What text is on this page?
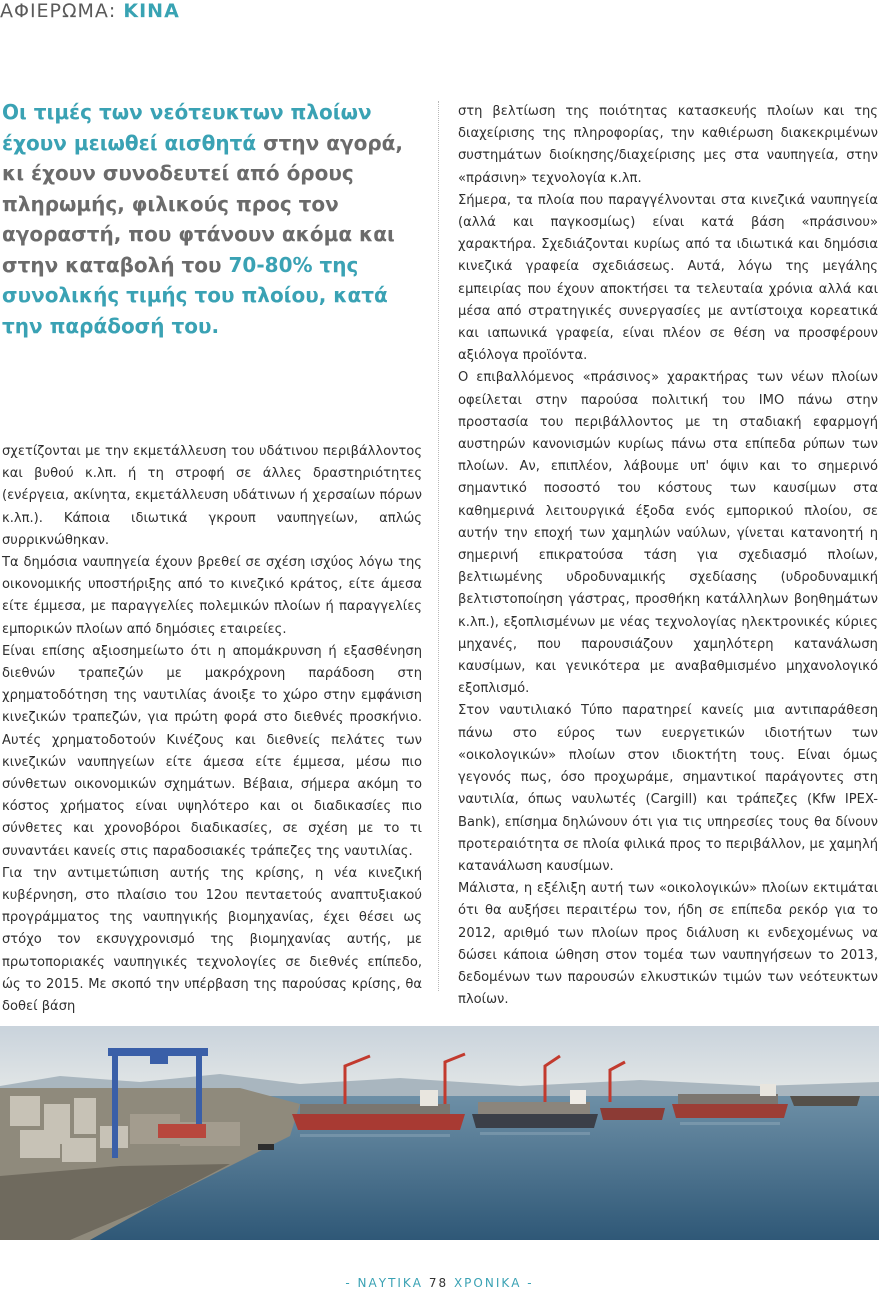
ΑΦΙΕΡΩΜΑ: ΚΙΝΑ
Οι τιμές των νεότευκτων πλοίων έχουν μειωθεί αισθητά στην αγορά, κι έχουν συνοδευτεί από όρους πληρωμής, φιλικούς προς τον αγοραστή, που φτάνουν ακόμα και στην καταβολή του 70-80% της συνολικής τιμής του πλοίου, κατά την παράδοσή του.

σχετίζονται με την εκμετάλλευση του υδάτινου περιβάλλοντος και βυθού κ.λπ. ή τη στροφή σε άλλες δραστηριότητες (ενέργεια, ακίνητα, εκμετάλλευση υδάτινων ή χερσαίων πόρων κ.λπ.). Κάποια ιδιωτικά γκρουπ ναυπηγείων, απλώς συρρικνώθηκαν.

Τα δημόσια ναυπηγεία έχουν βρεθεί σε σχέση ισχύος λόγω της οικονομικής υποστήριξης από το κινεζικό κράτος, είτε άμεσα είτε έμμεσα, με παραγγελίες πολεμικών πλοίων ή παραγγελίες εμπορικών πλοίων από δημόσιες εταιρείες.

Είναι επίσης αξιοσημείωτο ότι η απομάκρυνση ή εξασθένηση διεθνών τραπεζών με μακρόχρονη παράδοση στη χρηματοδότηση της ναυτιλίας άνοιξε το χώρο στην εμφάνιση κινεζικών τραπεζών, για πρώτη φορά στο διεθνές προσκήνιο. Αυτές χρηματοδοτούν Κινέζους και διεθνείς πελάτες των κινεζικών ναυπηγείων είτε άμεσα είτε έμμεσα, μέσω πιο σύνθετων οικονομικών σχημάτων. Βέβαια, σήμερα ακόμη το κόστος χρήματος είναι υψηλότερο και οι διαδικασίες πιο σύνθετες και χρονοβόροι διαδικασίες, σε σχέση με το τι συναντάει κανείς στις παραδοσιακές τράπεζες της ναυτιλίας.

Για την αντιμετώπιση αυτής της κρίσης, η νέα κινεζική κυβέρνηση, στο πλαίσιο του 12ου πενταετούς αναπτυξιακού προγράμματος της ναυπηγικής βιομηχανίας, έχει θέσει ως στόχο τον εκσυγχρονισμό της βιομηχανίας αυτής, με πρωτοποριακές ναυπηγικές τεχνολογίες σε διεθνές επίπεδο, ώς το 2015. Με σκοπό την υπέρβαση της παρούσας κρίσης, θα δοθεί βάση

στη βελτίωση της ποιότητας κατασκευής πλοίων και της διαχείρισης της πληροφορίας, την καθιέρωση διακεκριμένων συστημάτων διοίκησης/διαχείρισης μες στα ναυπηγεία, στην «πράσινη» τεχνολογία κ.λπ.

Σήμερα, τα πλοία που παραγγέλνονται στα κινεζικά ναυπηγεία (αλλά και παγκοσμίως) είναι κατά βάση «πράσινου» χαρακτήρα. Σχεδιάζονται κυρίως από τα ιδιωτικά και δημόσια κινεζικά γραφεία σχεδιάσεως. Αυτά, λόγω της μεγάλης εμπειρίας που έχουν αποκτήσει τα τελευταία χρόνια αλλά και μέσα από στρατηγικές συνεργασίες με αντίστοιχα κορεατικά και ιαπωνικά γραφεία, είναι πλέον σε θέση να προσφέρουν αξιόλογα προϊόντα.

Ο επιβαλλόμενος «πράσινος» χαρακτήρας των νέων πλοίων οφείλεται στην παρούσα πολιτική του IMO πάνω στην προστασία του περιβάλλοντος με τη σταδιακή εφαρμογή αυστηρών κανονισμών κυρίως πάνω στα επίπεδα ρύπων των πλοίων. Αν, επιπλέον, λάβουμε υπ' όψιν και το σημερινό σημαντικό ποσοστό του κόστους των καυσίμων στα καθημερινά λειτουργικά έξοδα ενός εμπορικού πλοίου, σε αυτήν την εποχή των χαμηλών ναύλων, γίνεται κατανοητή η σημερινή επικρατούσα τάση για σχεδιασμό πλοίων, βελτιωμένης υδροδυναμικής σχεδίασης (υδροδυναμική βελτιστοποίηση γάστρας, προσθήκη κατάλληλων βοηθημάτων κ.λπ.), εξοπλισμένων με νέας τεχνολογίας ηλεκτρονικές κύριες μηχανές, που παρουσιάζουν χαμηλότερη κατανάλωση καυσίμων, και γενικότερα με αναβαθμισμένο μηχανολογικό εξοπλισμό.

Στον ναυτιλιακό Τύπο παρατηρεί κανείς μια αντιπαράθεση πάνω στο εύρος των ευεργετικών ιδιοτήτων των «οικολογικών» πλοίων στον ιδιοκτήτη τους. Είναι όμως γεγονός πως, όσο προχωράμε, σημαντικοί παράγοντες στη ναυτιλία, όπως ναυλωτές (Cargill) και τράπεζες (Kfw IPEX-Bank), επίσημα δηλώνουν ότι για τις υπηρεσίες τους θα δίνουν προτεραιότητα σε πλοία φιλικά προς το περιβάλλον, με χαμηλή κατανάλωση καυσίμων.

Μάλιστα, η εξέλιξη αυτή των «οικολογικών» πλοίων εκτιμάται ότι θα αυξήσει περαιτέρω τον, ήδη σε επίπεδα ρεκόρ για το 2012, αριθμό των πλοίων προς διάλυση κι ενδεχομένως να δώσει κάποια ώθηση στον τομέα των ναυπηγήσεων το 2013, δεδομένων των παρουσών ελκυστικών τιμών των νεότευκτων πλοίων.

- ΝΑΥΤΙΚΑ 78 ΧΡΟΝΙΚΑ -
